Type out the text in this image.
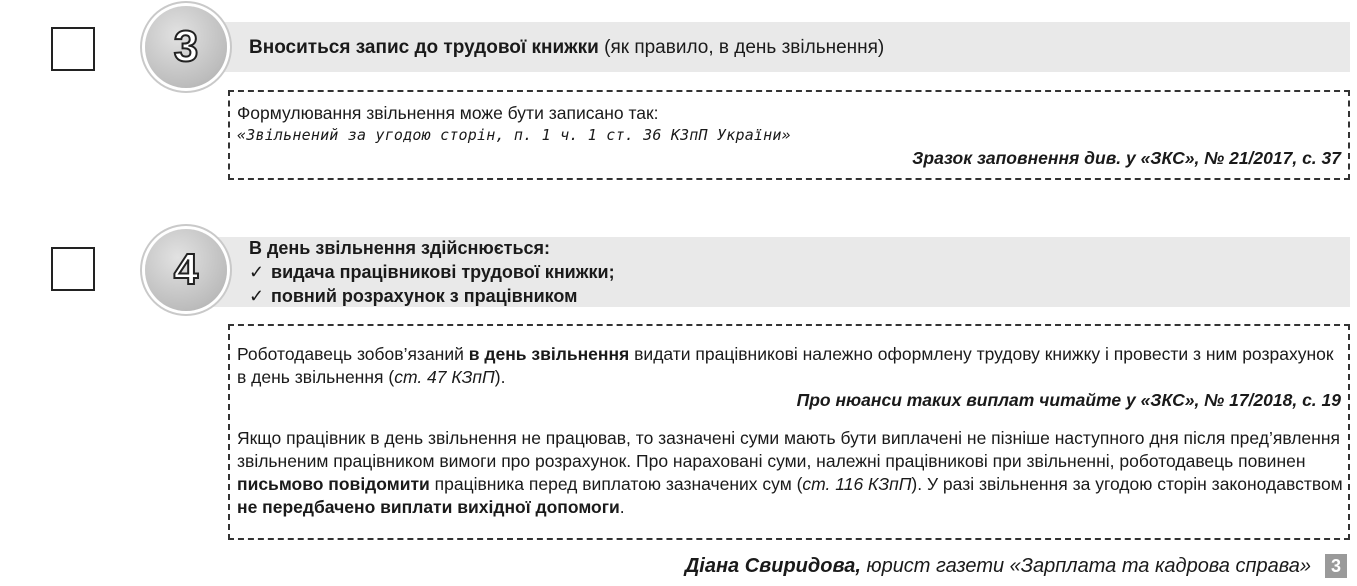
3	Вноситься запис до трудової книжки (як правило, в день звільнення)
Формулювання звільнення може бути записано так:
«Звільнений за угодою сторін, п. 1 ч. 1 ст. 36 КЗпП України»
Зразок заповнення див. у «ЗКС», № 21/2017, с. 37
4	В день звільнення здійснюється:
✓ видача працівникові трудової книжки;
✓ повний розрахунок з працівником
Роботодавець зобов’язаний в день звільнення видати працівникові належно оформлену трудову книжку і провести з ним розрахунок в день звільнення (ст. 47 КЗпП).
Про нюанси таких виплат читайте у «ЗКС», № 17/2018, с. 19
Якщо працівник в день звільнення не працював, то зазначені суми мають бути виплачені не пізніше наступного дня після пред’явлення звільненим працівником вимоги про розрахунок. Про нараховані суми, належні працівникові при звільненні, роботодавець повинен письмово повідомити працівника перед виплатою зазначених сум (ст. 116 КЗпП). У разі звільнення за угодою сторін законодавством не передбачено виплати вихідної допомоги.
Діана Свиридова, юрист газети «Зарплата та кадрова справа»	3
